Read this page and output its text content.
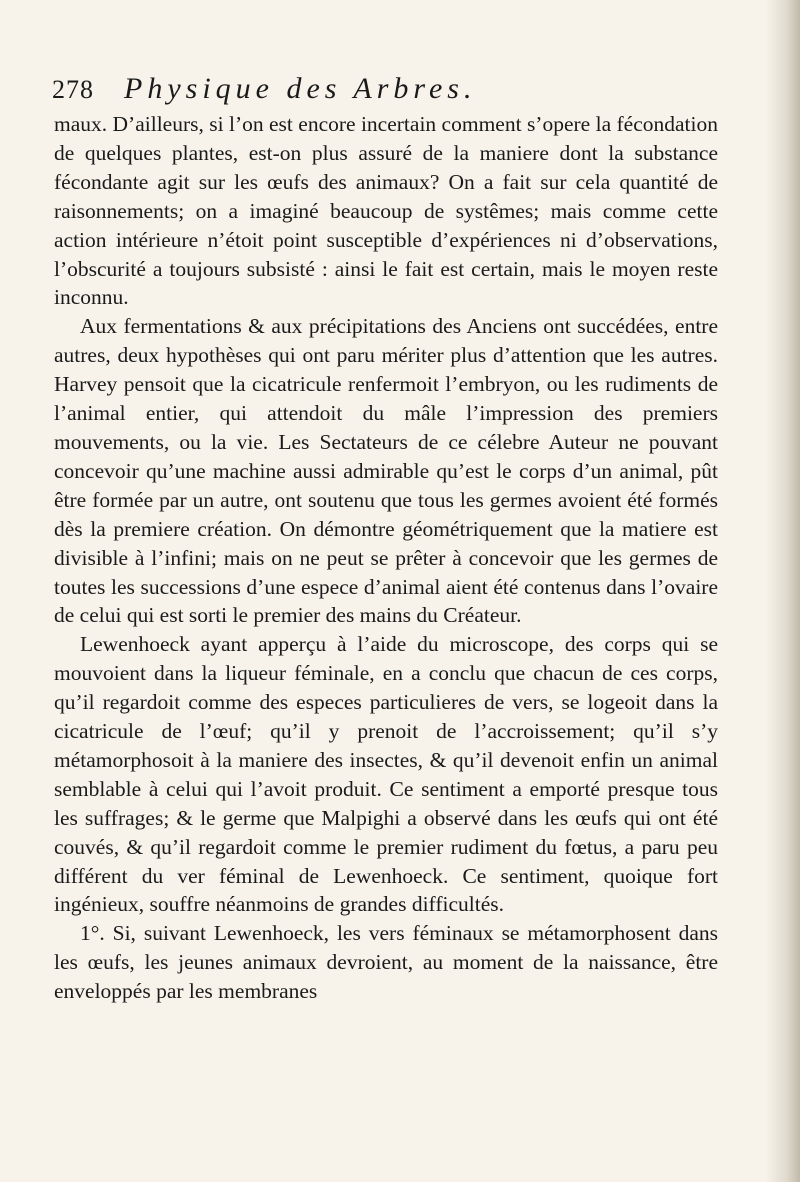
278 Physique des Arbres.

maux. D’ailleurs, si l’on est encore incertain comment s’opere la fécondation de quelques plantes, est-on plus assuré de la maniere dont la substance fécondante agit sur les œufs des animaux? On a fait sur cela quantité de raisonnements; on a imaginé beaucoup de systêmes; mais comme cette action intérieure n’étoit point susceptible d’expériences ni d’observations, l’obscurité a toujours subsisté : ainsi le fait est certain, mais le moyen reste inconnu.

Aux fermentations & aux précipitations des Anciens ont succédées, entre autres, deux hypothèses qui ont paru mériter plus d’attention que les autres. Harvey pensoit que la cicatricule renfermoit l’embryon, ou les rudiments de l’animal entier, qui attendoit du mâle l’impression des premiers mouvements, ou la vie. Les Sectateurs de ce célebre Auteur ne pouvant concevoir qu’une machine aussi admirable qu’est le corps d’un animal, pût être formée par un autre, ont soutenu que tous les germes avoient été formés dès la premiere création. On démontre géométriquement que la matiere est divisible à l’infini; mais on ne peut se prêter à concevoir que les germes de toutes les successions d’une espece d’animal aient été contenus dans l’ovaire de celui qui est sorti le premier des mains du Créateur.

Lewenhoeck ayant apperçu à l’aide du microscope, des corps qui se mouvoient dans la liqueur féminale, en a conclu que chacun de ces corps, qu’il regardoit comme des especes particulieres de vers, se logeoit dans la cicatricule de l’œuf; qu’il y prenoit de l’accroissement; qu’il s’y métamorphosoit à la maniere des insectes, & qu’il devenoit enfin un animal semblable à celui qui l’avoit produit. Ce sentiment a emporté presque tous les suffrages; & le germe que Malpighi a observé dans les œufs qui ont été couvés, & qu’il regardoit comme le premier rudiment du fœtus, a paru peu différent du ver féminal de Lewenhoeck. Ce sentiment, quoique fort ingénieux, souffre néanmoins de grandes difficultés.

1°. Si, suivant Lewenhoeck, les vers féminaux se métamorphosent dans les œufs, les jeunes animaux devroient, au moment de la naissance, être enveloppés par les membranes
